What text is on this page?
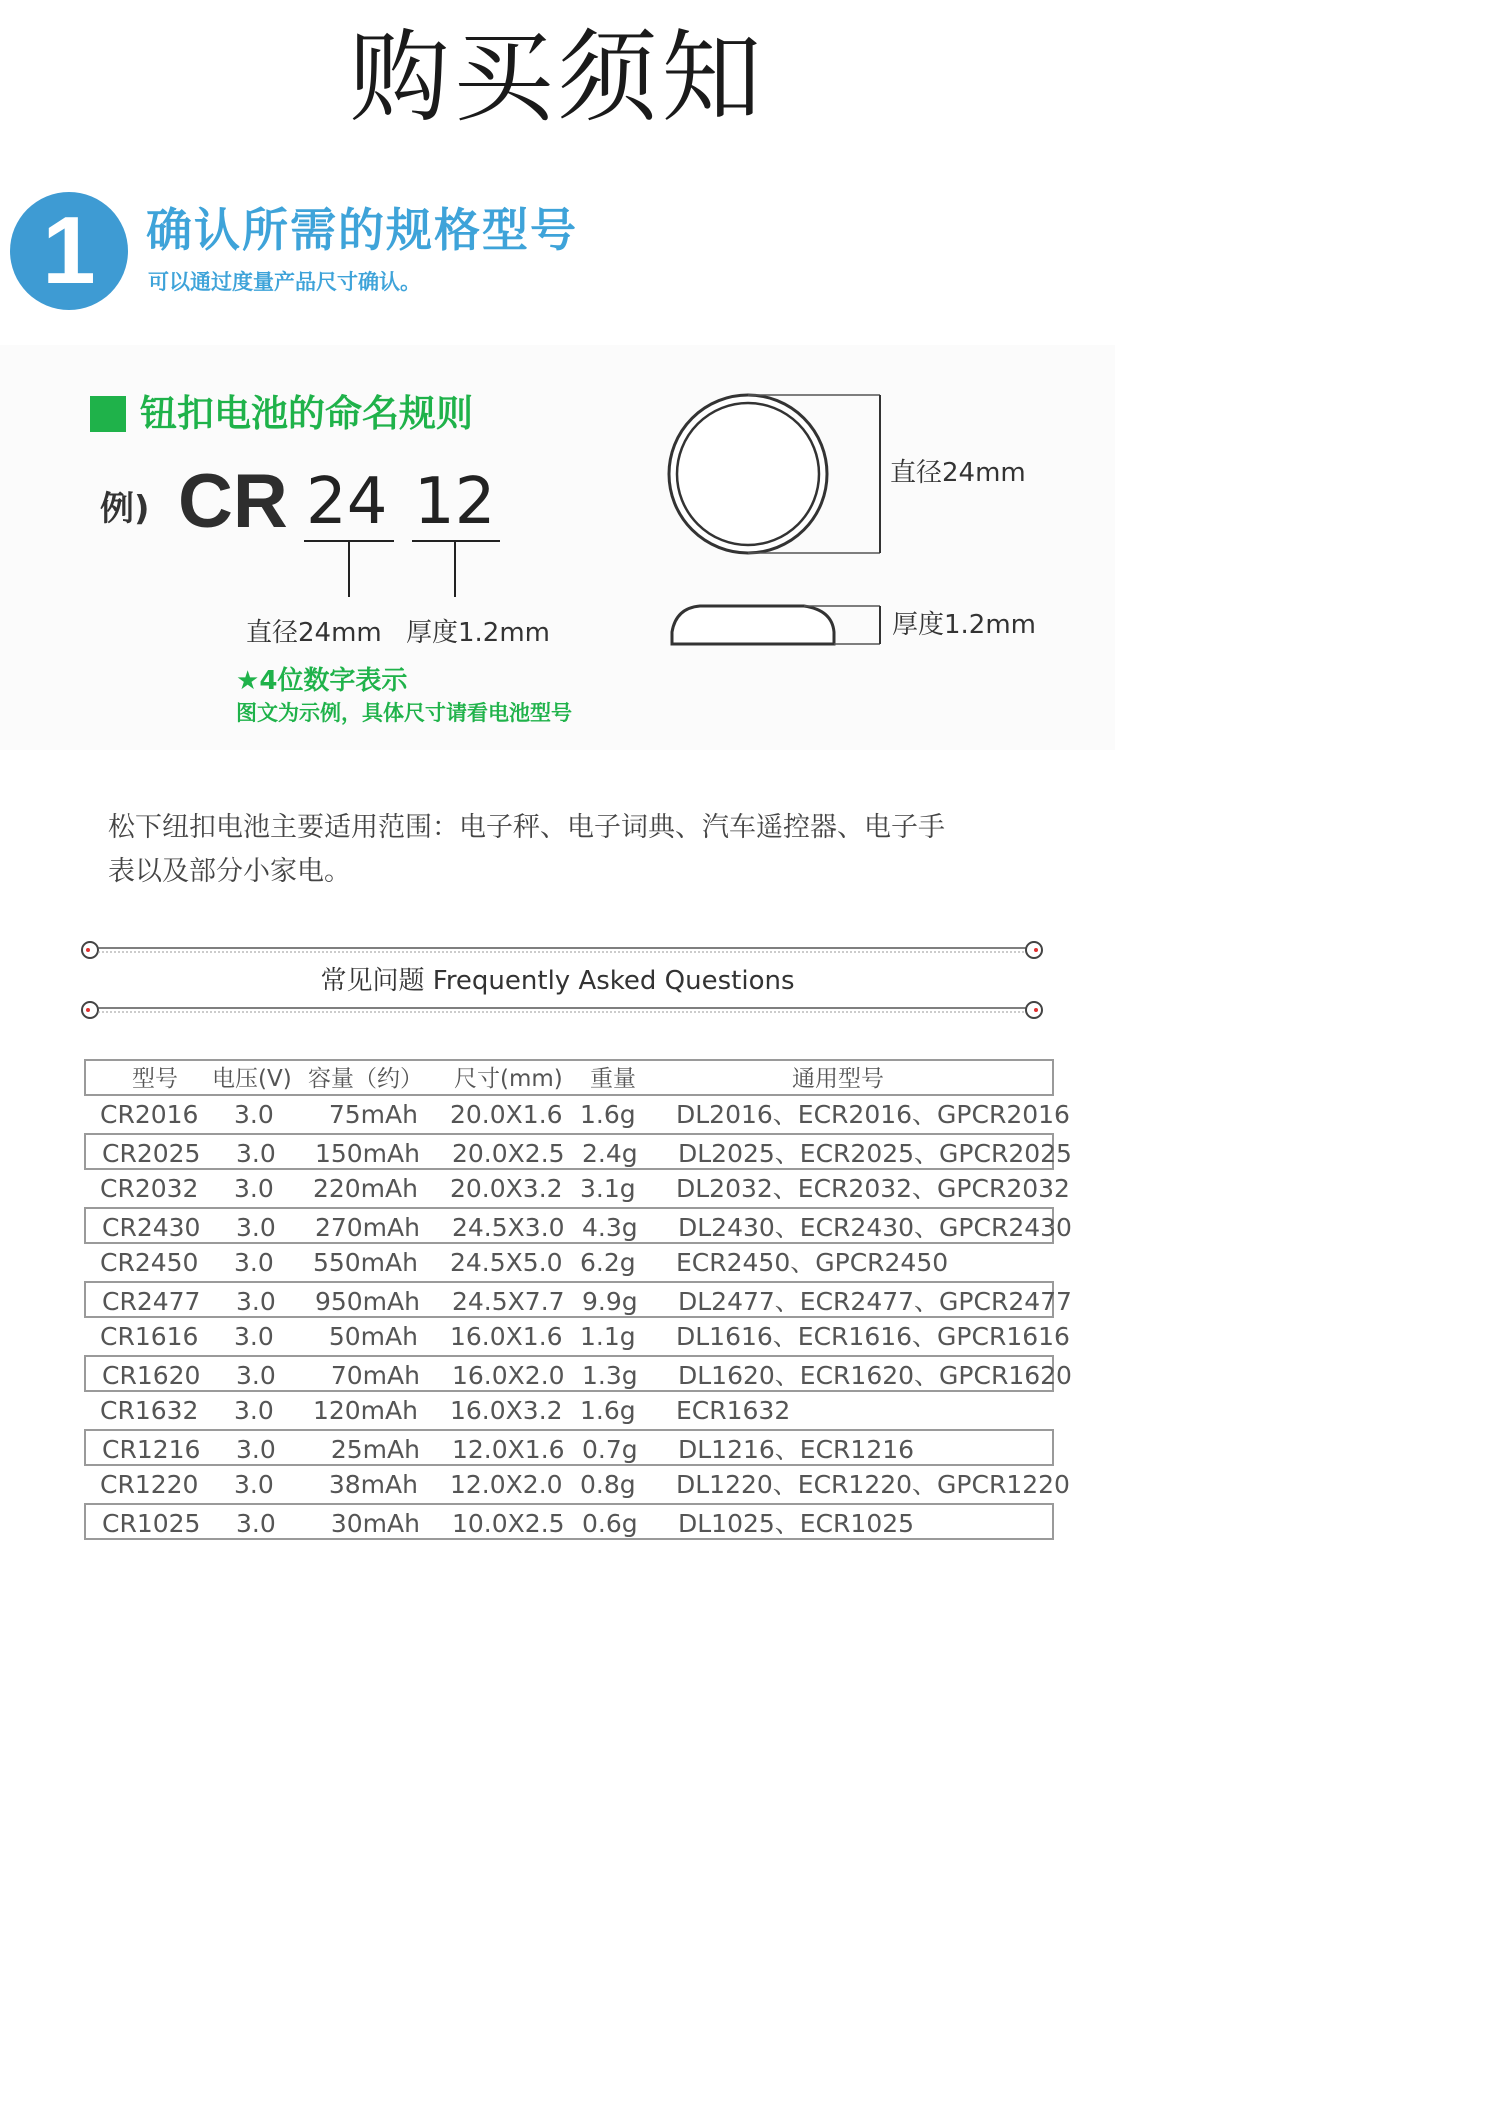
购买须知
1	确认所需的规格型号
可以通过度量产品尺寸确认。
钮扣电池的命名规则
例) CR 24 12
直径24mm 厚度1.2mm
★4位数字表示
图文为示例，具体尺寸请看电池型号
直径24mm
厚度1.2mm
松下纽扣电池主要适用范围：电子秤、电子词典、汽车遥控器、电子手
表以及部分小家电。
常见问题 Frequently Asked Questions
型号 电压(V) 容量（约） 尺寸(mm) 重量	通用型号
CR2016 3.0	75mAh 20.0X1.6 1.6g DL2016、ECR2016、GPCR2016
CR2025 3.0	150mAh 20.0X2.5 2.4g DL2025、ECR2025、GPCR2025
CR2032 3.0	220mAh 20.0X3.2 3.1g DL2032、ECR2032、GPCR2032
CR2430 3.0	270mAh 24.5X3.0 4.3g DL2430、ECR2430、GPCR2430
CR2450 3.0	550mAh 24.5X5.0 6.2g ECR2450、GPCR2450
CR2477 3.0	950mAh 24.5X7.7 9.9g DL2477、ECR2477、GPCR2477
CR1616 3.0	50mAh 16.0X1.6 1.1g DL1616、ECR1616、GPCR1616
CR1620 3.0	70mAh 16.0X2.0 1.3g DL1620、ECR1620、GPCR1620
CR1632 3.0	120mAh 16.0X3.2 1.6g ECR1632
CR1216 3.0	25mAh 12.0X1.6 0.7g DL1216、ECR1216
CR1220 3.0	38mAh 12.0X2.0 0.8g DL1220、ECR1220、GPCR1220
CR1025 3.0	30mAh 10.0X2.5 0.6g DL1025、ECR1025
